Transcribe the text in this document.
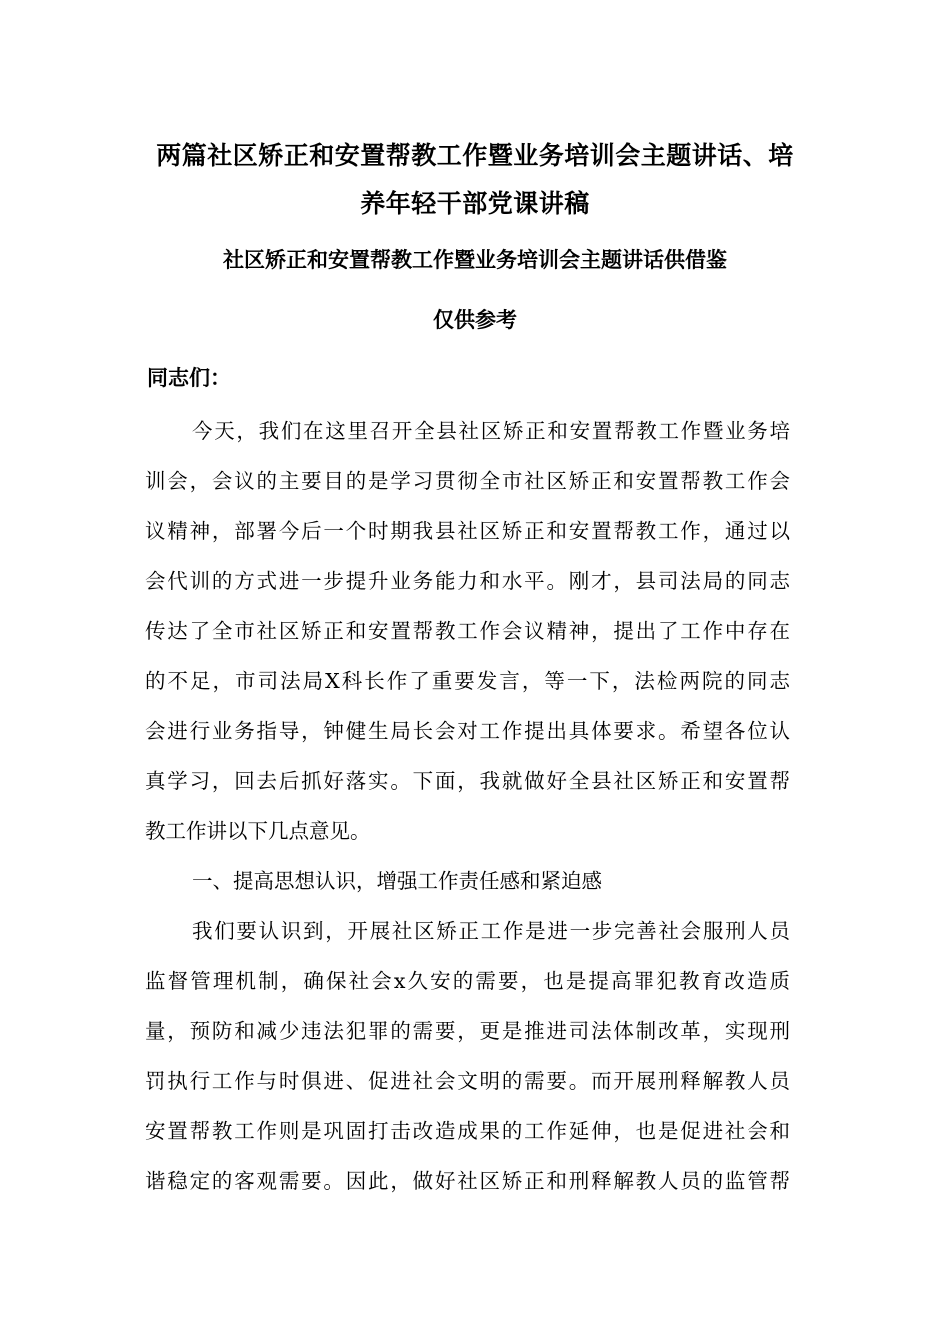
两篇社区矫正和安置帮教工作暨业务培训会主题讲话、培
养年轻干部党课讲稿
社区矫正和安置帮教工作暨业务培训会主题讲话供借鉴
仅供参考
同志们：
今天，我们在这里召开全县社区矫正和安置帮教工作暨业务培
训会，会议的主要目的是学习贯彻全市社区矫正和安置帮教工作会
议精神，部署今后一个时期我县社区矫正和安置帮教工作，通过以
会代训的方式进一步提升业务能力和水平。刚才，县司法局的同志
传达了全市社区矫正和安置帮教工作会议精神，提出了工作中存在
的不足，市司法局X科长作了重要发言，等一下，法检两院的同志
会进行业务指导，钟健生局长会对工作提出具体要求。希望各位认
真学习，回去后抓好落实。下面，我就做好全县社区矫正和安置帮
教工作讲以下几点意见。
一、提高思想认识，增强工作责任感和紧迫感
我们要认识到，开展社区矫正工作是进一步完善社会服刑人员
监督管理机制，确保社会x久安的需要，也是提高罪犯教育改造质
量，预防和减少违法犯罪的需要，更是推进司法体制改革，实现刑
罚执行工作与时俱进、促进社会文明的需要。而开展刑释解教人员
安置帮教工作则是巩固打击改造成果的工作延伸，也是促进社会和
谐稳定的客观需要。因此，做好社区矫正和刑释解教人员的监管帮
